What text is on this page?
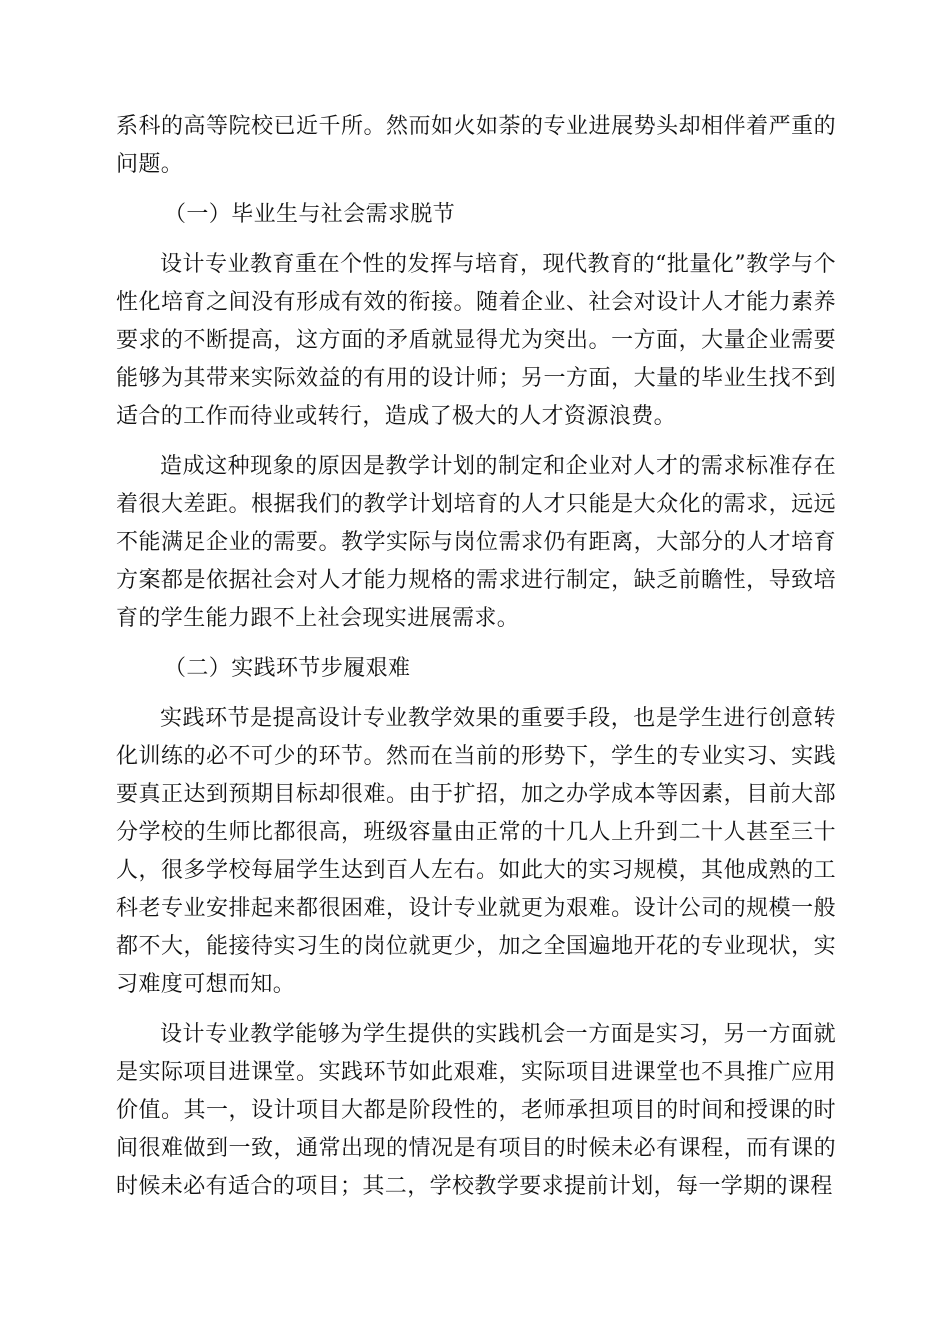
系科的高等院校已近千所。然而如火如荼的专业进展势头却相伴着严重的问题。

（一）毕业生与社会需求脱节

设计专业教育重在个性的发挥与培育，现代教育的“批量化”教学与个性化培育之间没有形成有效的衔接。随着企业、社会对设计人才能力素养要求的不断提高，这方面的矛盾就显得尤为突出。一方面，大量企业需要能够为其带来实际效益的有用的设计师；另一方面，大量的毕业生找不到适合的工作而待业或转行，造成了极大的人才资源浪费。

造成这种现象的原因是教学计划的制定和企业对人才的需求标准存在着很大差距。根据我们的教学计划培育的人才只能是大众化的需求，远远不能满足企业的需要。教学实际与岗位需求仍有距离，大部分的人才培育方案都是依据社会对人才能力规格的需求进行制定，缺乏前瞻性，导致培育的学生能力跟不上社会现实进展需求。

（二）实践环节步履艰难

实践环节是提高设计专业教学效果的重要手段，也是学生进行创意转化训练的必不可少的环节。然而在当前的形势下，学生的专业实习、实践要真正达到预期目标却很难。由于扩招，加之办学成本等因素，目前大部分学校的生师比都很高，班级容量由正常的十几人上升到二十人甚至三十人，很多学校每届学生达到百人左右。如此大的实习规模，其他成熟的工科老专业安排起来都很困难，设计专业就更为艰难。设计公司的规模一般都不大，能接待实习生的岗位就更少，加之全国遍地开花的专业现状，实习难度可想而知。

设计专业教学能够为学生提供的实践机会一方面是实习，另一方面就是实际项目进课堂。实践环节如此艰难，实际项目进课堂也不具推广应用价值。其一，设计项目大都是阶段性的，老师承担项目的时间和授课的时间很难做到一致，通常出现的情况是有项目的时候未必有课程，而有课的时候未必有适合的项目；其二，学校教学要求提前计划，每一学期的课程
